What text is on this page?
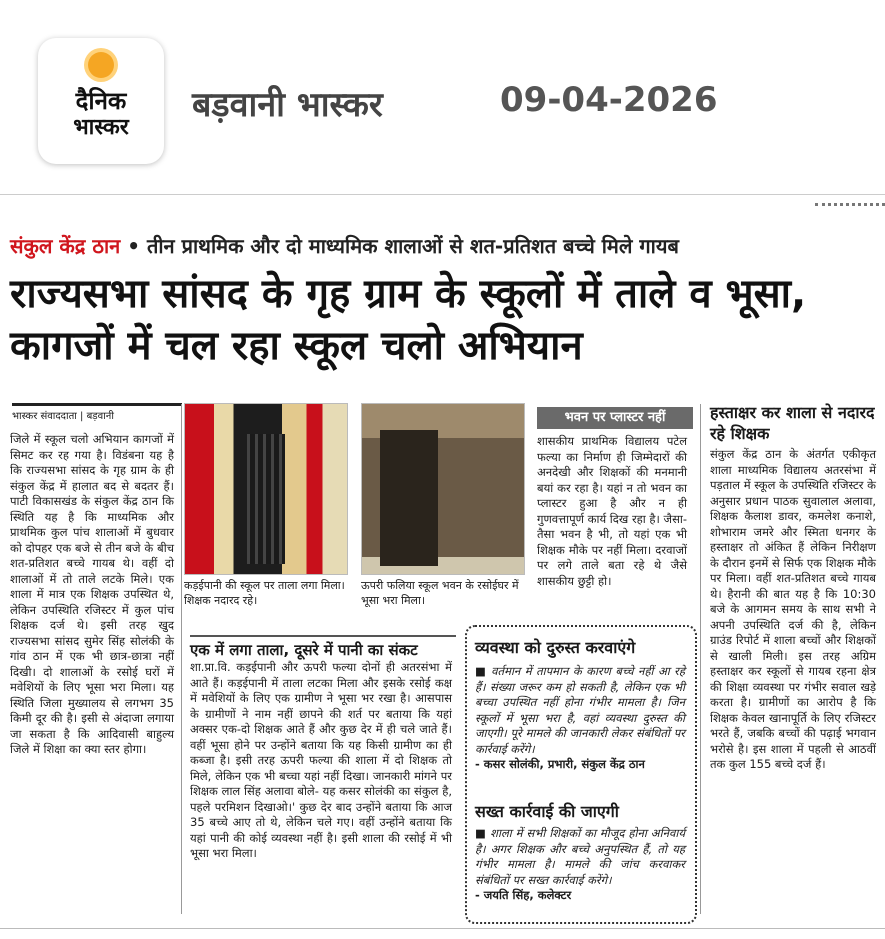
दैनिक
भास्कर
बड़वानी भास्कर	09-04-2026
संकुल केंद्र ठान • तीन प्राथमिक और दो माध्यमिक शालाओं से शत-प्रतिशत बच्चे मिले गायब
राज्यसभा सांसद के गृह ग्राम के स्कूलों में ताले व भूसा, कागजों में चल रहा स्कूल चलो अभियान
भास्कर संवाददाता | बड़वानी
जिले में स्कूल चलो अभियान कागजों में सिमट कर रह गया है। विडंबना यह है कि राज्यसभा सांसद के गृह ग्राम के ही संकुल केंद्र में हालात बद से बदतर हैं। पाटी विकासखंड के संकुल केंद्र ठान कि स्थिति यह है कि माध्यमिक और प्राथमिक कुल पांच शालाओं में बुधवार को दोपहर एक बजे से तीन बजे के बीच शत-प्रतिशत बच्चे गायब थे। वहीं दो शालाओं में तो ताले लटके मिले। एक शाला में मात्र एक शिक्षक उपस्थित थे, लेकिन उपस्थिति रजिस्टर में कुल पांच शिक्षक दर्ज थे। इसी तरह खुद राज्यसभा सांसद सुमेर सिंह सोलंकी के गांव ठान में एक भी छात्र-छात्रा नहीं दिखी। दो शालाओं के रसोई घरों में मवेशियों के लिए भूसा भरा मिला। यह स्थिति जिला मुख्यालय से लगभग 35 किमी दूर की है। इसी से अंदाजा लगाया जा सकता है कि आदिवासी बाहुल्य जिले में शिक्षा का क्या स्तर होगा।
कड़ईपानी की स्कूल पर ताला लगा मिला। शिक्षक नदारद रहे।
ऊपरी फलिया स्कूल भवन के रसोईघर में भूसा भरा मिला।
भवन पर प्लास्टर नहीं
शासकीय प्राथमिक विद्यालय पटेल फल्या का निर्माण ही जिम्मेदारों की अनदेखी और शिक्षकों की मनमानी बयां कर रहा है। यहां न तो भवन का प्लास्टर हुआ है और न ही गुणवत्तापूर्ण कार्य दिख रहा है। जैसा-तैसा भवन है भी, तो यहां एक भी शिक्षक मौके पर नहीं मिला। दरवाजों पर लगे ताले बता रहे थे जैसे शासकीय छुट्टी हो।
हस्ताक्षर कर शाला से नदारद रहे शिक्षक
संकुल केंद्र ठान के अंतर्गत एकीकृत शाला माध्यमिक विद्यालय अतरसंभा में पड़ताल में स्कूल के उपस्थिति रजिस्टर के अनुसार प्रधान पाठक सुवालाल अलावा, शिक्षक कैलाश डावर, कमलेश कनाशे, शोभाराम जमरे और स्मिता धनगर के हस्ताक्षर तो अंकित हैं लेकिन निरीक्षण के दौरान इनमें से सिर्फ एक शिक्षक मौके पर मिला। वहीं शत-प्रतिशत बच्चे गायब थे। हैरानी की बात यह है कि 10:30 बजे के आगमन समय के साथ सभी ने अपनी उपस्थिति दर्ज की है, लेकिन ग्राउंड रिपोर्ट में शाला बच्चों और शिक्षकों से खाली मिली। इस तरह अग्रिम हस्ताक्षर कर स्कूलों से गायब रहना क्षेत्र की शिक्षा व्यवस्था पर गंभीर सवाल खड़े करता है। ग्रामीणों का आरोप है कि शिक्षक केवल खानापूर्ति के लिए रजिस्टर भरते हैं, जबकि बच्चों की पढ़ाई भगवान भरोसे है। इस शाला में पहली से आठवीं तक कुल 155 बच्चे दर्ज हैं।
एक में लगा ताला, दूसरे में पानी का संकट
शा.प्रा.वि. कड़ईपानी और ऊपरी फल्या दोनों ही अतरसंभा में आते हैं। कड़ईपानी में ताला लटका मिला और इसके रसोई कक्ष में मवेशियों के लिए एक ग्रामीण ने भूसा भर रखा है। आसपास के ग्रामीणों ने नाम नहीं छापने की शर्त पर बताया कि यहां अक्सर एक-दो शिक्षक आते हैं और कुछ देर में ही चले जाते हैं। वहीं भूसा होने पर उन्होंने बताया कि यह किसी ग्रामीण का ही कब्जा है। इसी तरह ऊपरी फल्या की शाला में दो शिक्षक तो मिले, लेकिन एक भी बच्चा यहां नहीं दिखा। जानकारी मांगने पर शिक्षक लाल सिंह अलावा बोले- यह कसर सोलंकी का संकुल है, पहले परमिशन दिखाओ।' कुछ देर बाद उन्होंने बताया कि आज 35 बच्चे आए तो थे, लेकिन चले गए। वहीं उन्होंने बताया कि यहां पानी की कोई व्यवस्था नहीं है। इसी शाला की रसोई में भी भूसा भरा मिला।
व्यवस्था को दुरुस्त करवाएंगे
■ वर्तमान में तापमान के कारण बच्चे नहीं आ रहे हैं। संख्या जरूर कम हो सकती है, लेकिन एक भी बच्चा उपस्थित नहीं होना गंभीर मामला है। जिन स्कूलों में भूसा भरा है, वहां व्यवस्था दुरुस्त की जाएगी। पूरे मामले की जानकारी लेकर संबंधितों पर कार्रवाई करेंगे।
- कसर सोलंकी, प्रभारी, संकुल केंद्र ठान
सख्त कार्रवाई की जाएगी
■ शाला में सभी शिक्षकों का मौजूद होना अनिवार्य है। अगर शिक्षक और बच्चे अनुपस्थित हैं, तो यह गंभीर मामला है। मामले की जांच करवाकर संबंधितों पर सख्त कार्रवाई करेंगे।
- जयति सिंह, कलेक्टर
